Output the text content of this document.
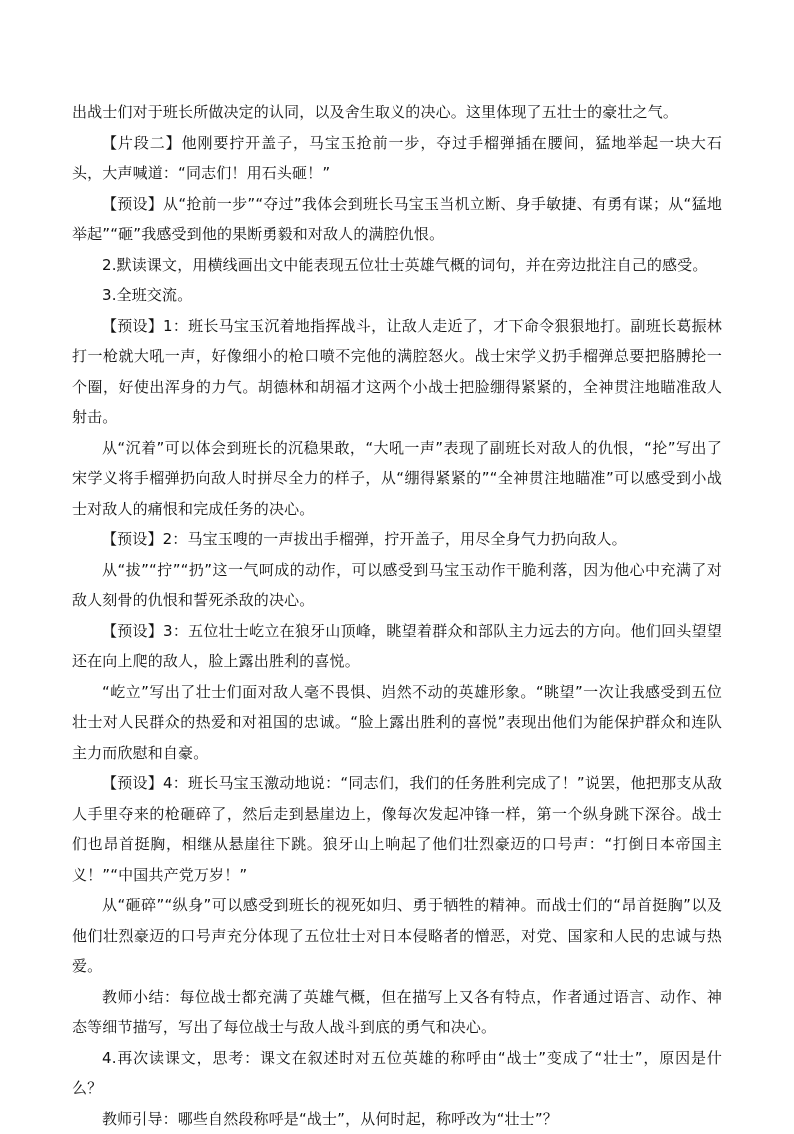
出战士们对于班长所做决定的认同，以及舍生取义的决心。这里体现了五壮士的豪壮之气。

【片段二】他刚要拧开盖子，马宝玉抢前一步，夺过手榴弹插在腰间，猛地举起一块大石头，大声喊道：“同志们！用石头砸！”

【预设】从“抢前一步”“夺过”我体会到班长马宝玉当机立断、身手敏捷、有勇有谋；从“猛地举起”“砸”我感受到他的果断勇毅和对敌人的满腔仇恨。

2.默读课文，用横线画出文中能表现五位壮士英雄气概的词句，并在旁边批注自己的感受。

3.全班交流。

【预设】1：班长马宝玉沉着地指挥战斗，让敌人走近了，才下命令狠狠地打。副班长葛振林打一枪就大吼一声，好像细小的枪口喷不完他的满腔怒火。战士宋学义扔手榴弹总要把胳膊抡一个圈，好使出浑身的力气。胡德林和胡福才这两个小战士把脸绷得紧紧的，全神贯注地瞄准敌人射击。

从“沉着”可以体会到班长的沉稳果敢，“大吼一声”表现了副班长对敌人的仇恨，“抡”写出了宋学义将手榴弹扔向敌人时拼尽全力的样子，从“绷得紧紧的”“全神贯注地瞄准”可以感受到小战士对敌人的痛恨和完成任务的决心。

【预设】2：马宝玉嗖的一声拔出手榴弹，拧开盖子，用尽全身气力扔向敌人。

从“拔”“拧”“扔”这一气呵成的动作，可以感受到马宝玉动作干脆利落，因为他心中充满了对敌人刻骨的仇恨和誓死杀敌的决心。

【预设】3：五位壮士屹立在狼牙山顶峰，眺望着群众和部队主力远去的方向。他们回头望望还在向上爬的敌人，脸上露出胜利的喜悦。

“屹立”写出了壮士们面对敌人毫不畏惧、岿然不动的英雄形象。“眺望”一次让我感受到五位壮士对人民群众的热爱和对祖国的忠诚。“脸上露出胜利的喜悦”表现出他们为能保护群众和连队主力而欣慰和自豪。

【预设】4：班长马宝玉激动地说：“同志们，我们的任务胜利完成了！”说罢，他把那支从敌人手里夺来的枪砸碎了，然后走到悬崖边上，像每次发起冲锋一样，第一个纵身跳下深谷。战士们也昂首挺胸，相继从悬崖往下跳。狼牙山上响起了他们壮烈豪迈的口号声：“打倒日本帝国主义！”“中国共产党万岁！”

从“砸碎”“纵身”可以感受到班长的视死如归、勇于牺牲的精神。而战士们的“昂首挺胸”以及他们壮烈豪迈的口号声充分体现了五位壮士对日本侵略者的憎恶，对党、国家和人民的忠诚与热爱。

教师小结：每位战士都充满了英雄气概，但在描写上又各有特点，作者通过语言、动作、神态等细节描写，写出了每位战士与敌人战斗到底的勇气和决心。

4.再次读课文，思考：课文在叙述时对五位英雄的称呼由“战士”变成了“壮士”，原因是什么？

教师引导：哪些自然段称呼是“战士”，从何时起，称呼改为“壮士”？
